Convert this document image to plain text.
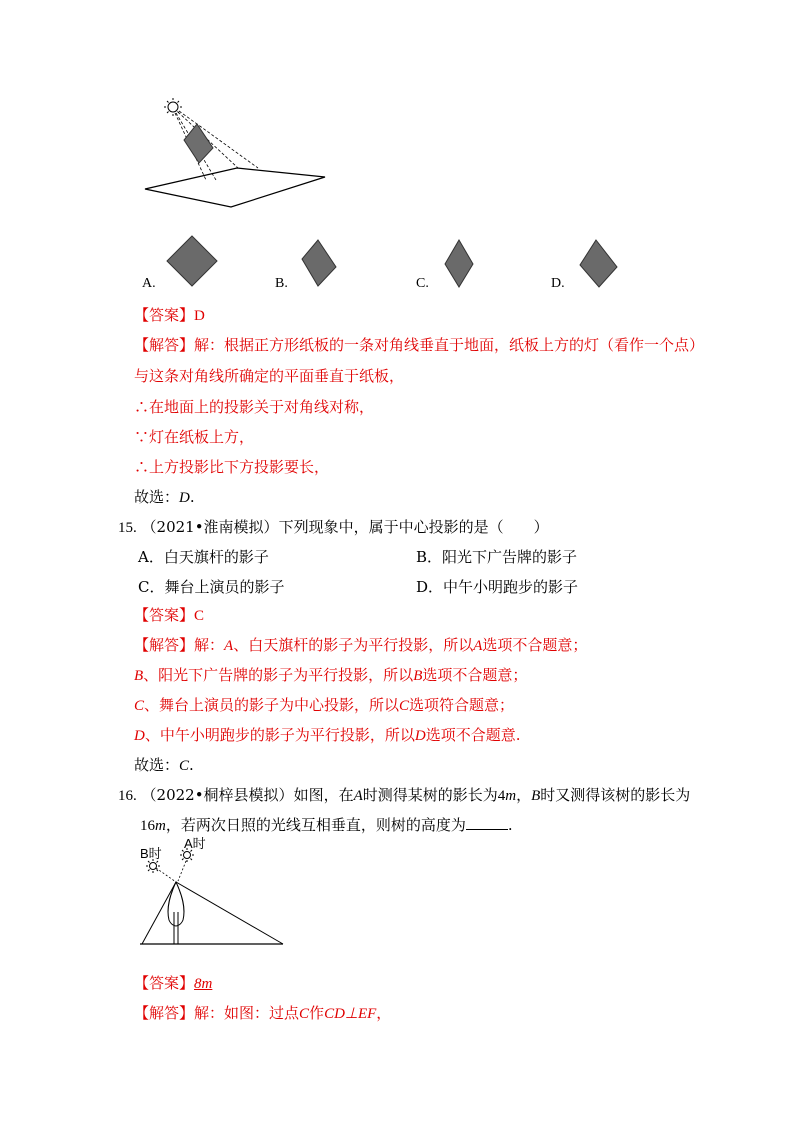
A.	B.	C.	D.
【答案】D
【解答】解：根据正方形纸板的一条对角线垂直于地面，纸板上方的灯（看作一个点）
与这条对角线所确定的平面垂直于纸板，
∴在地面上的投影关于对角线对称，
∵灯在纸板上方，
∴上方投影比下方投影要长，
故选：D.
15. （2021•淮南模拟）下列现象中，属于中心投影的是（　　）
A．白天旗杆的影子	B．阳光下广告牌的影子
C．舞台上演员的影子	D．中午小明跑步的影子
【答案】C
【解答】解：A、白天旗杆的影子为平行投影，所以A选项不合题意；
B、阳光下广告牌的影子为平行投影，所以B选项不合题意；
C、舞台上演员的影子为中心投影，所以C选项符合题意；
D、中午小明跑步的影子为平行投影，所以D选项不合题意.
故选：C.
16. （2022•桐梓县模拟）如图，在A时测得某树的影长为4m，B时又测得该树的影长为
16m，若两次日照的光线互相垂直，则树的高度为	.
B时
A时
【答案】8m
【解答】解：如图：过点C作CD⊥EF，
